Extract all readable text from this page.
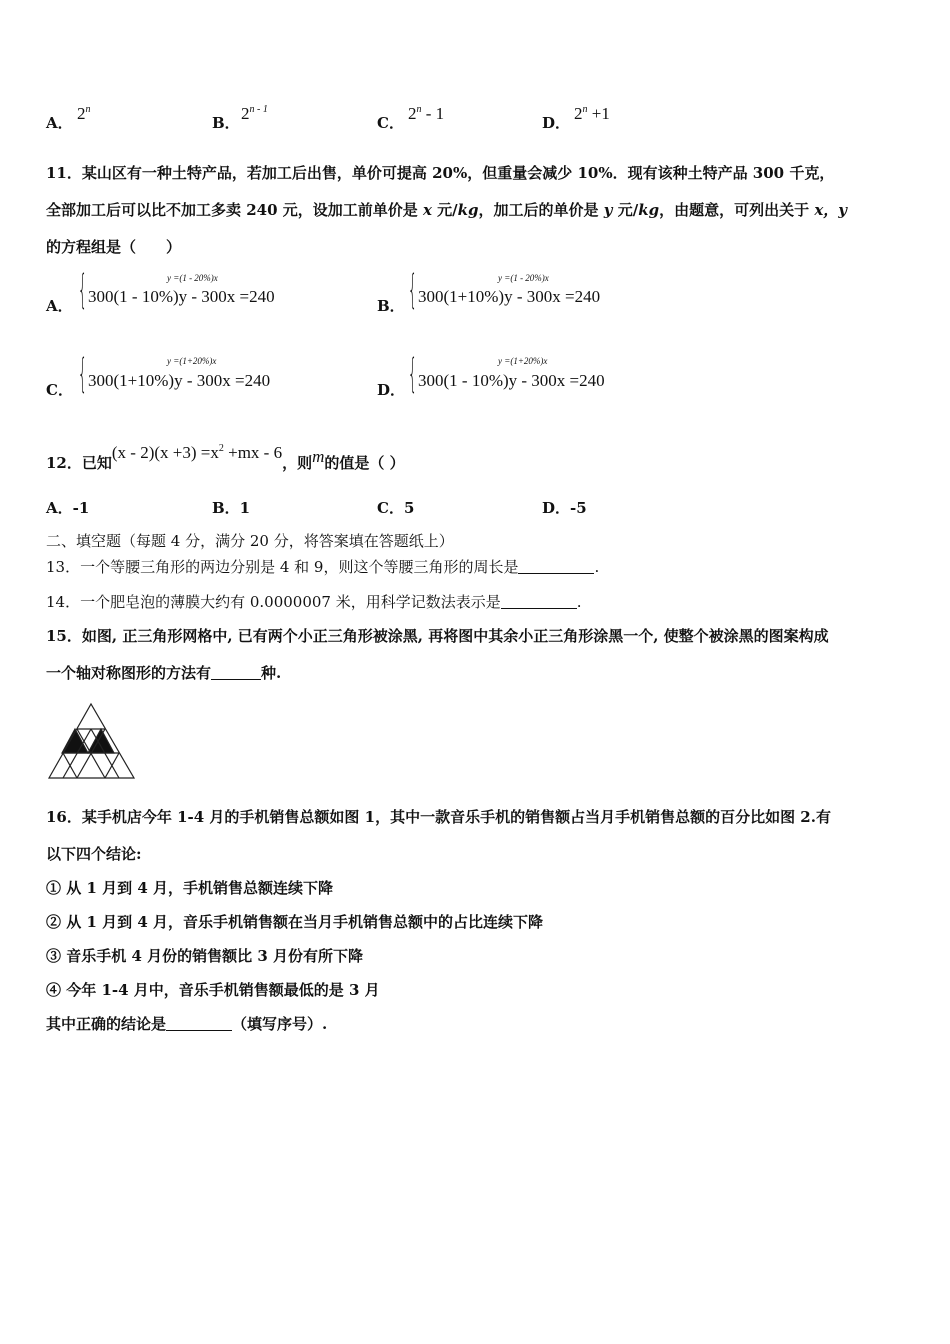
A． 2$^n$
B． 2$^{n - 1}$
C． 2$^n$ - 1	D． $2^n +1$
11．某山区有一种土特产品，若加工后出售，单价可提高 20%，但重量会减少 10%．现有该种土特产品 300 千克，
全部加工后可以比不加工多卖 240 元，设加工前单价是 x 元/kg，加工后的单价是 y 元/kg，由题意，可列出关于 x，y
的方程组是（　　）
A． {	y =(1 - 20%)x
300(1 - 10%)y - 300x =240	B． {	y =(1 - 20%)x
300(1+10%)y - 300x =240
C． {	y =(1+20%)x
300(1+10%)y - 300x =240	D． {	y =(1+20%)x
300(1 - 10%)y - 300x =240
12．已知$(x - 2)(x +3) =x^2 +mx - 6$，则m的值是（ ）
A．-1	B．1	C．5	D．-5
二、填空题（每题 4 分，满分 20 分，将答案填在答题纸上）
13．一个等腰三角形的两边分别是 4 和 9，则这个等腰三角形的周长是	.
14．一个肥皂泡的薄膜大约有 0.0000007 米，用科学记数法表示是	.
15．如图, 正三角形网格中, 已有两个小正三角形被涂黑, 再将图中其余小正三角形涂黑一个, 使整个被涂黑的图案构成
一个轴对称图形的方法有	种.
16．某手机店今年 1-4 月的手机销售总额如图 1，其中一款音乐手机的销售额占当月手机销售总额的百分比如图 2.有
以下四个结论:
① 从 1 月到 4 月，手机销售总额连续下降
② 从 1 月到 4 月，音乐手机销售额在当月手机销售总额中的占比连续下降
③ 音乐手机 4 月份的销售额比 3 月份有所下降
④ 今年 1-4 月中，音乐手机销售额最低的是 3 月
其中正确的结论是	（填写序号）.
